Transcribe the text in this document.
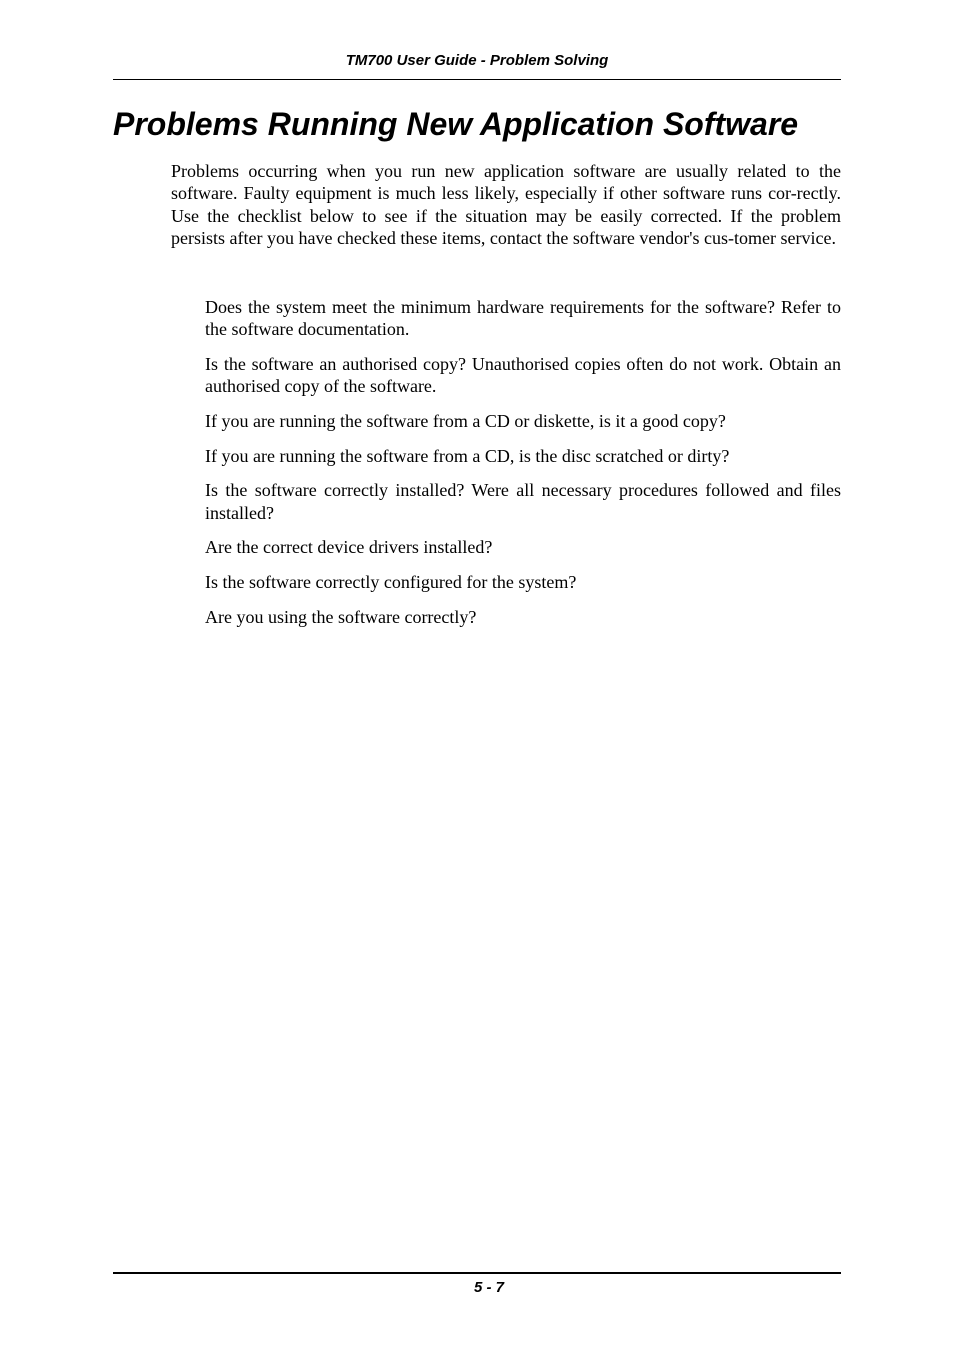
TM700 User Guide - Problem Solving
Problems Running New Application Software

Problems occurring when you run new application software are usually related to the software. Faulty equipment is much less likely, especially if other software runs cor-rectly. Use the checklist below to see if the situation may be easily corrected. If the problem persists after you have checked these items, contact the software vendor's cus-tomer service.

Does the system meet the minimum hardware requirements for the software? Refer to the software documentation.
Is the software an authorised copy? Unauthorised copies often do not work. Obtain an authorised copy of the software.
If you are running the software from a CD or diskette, is it a good copy?
If you are running the software from a CD, is the disc scratched or dirty?
Is the software correctly installed? Were all necessary procedures followed and files installed?
Are the correct device drivers installed?
Is the software correctly configured for the system?
Are you using the software correctly?
5 - 7
